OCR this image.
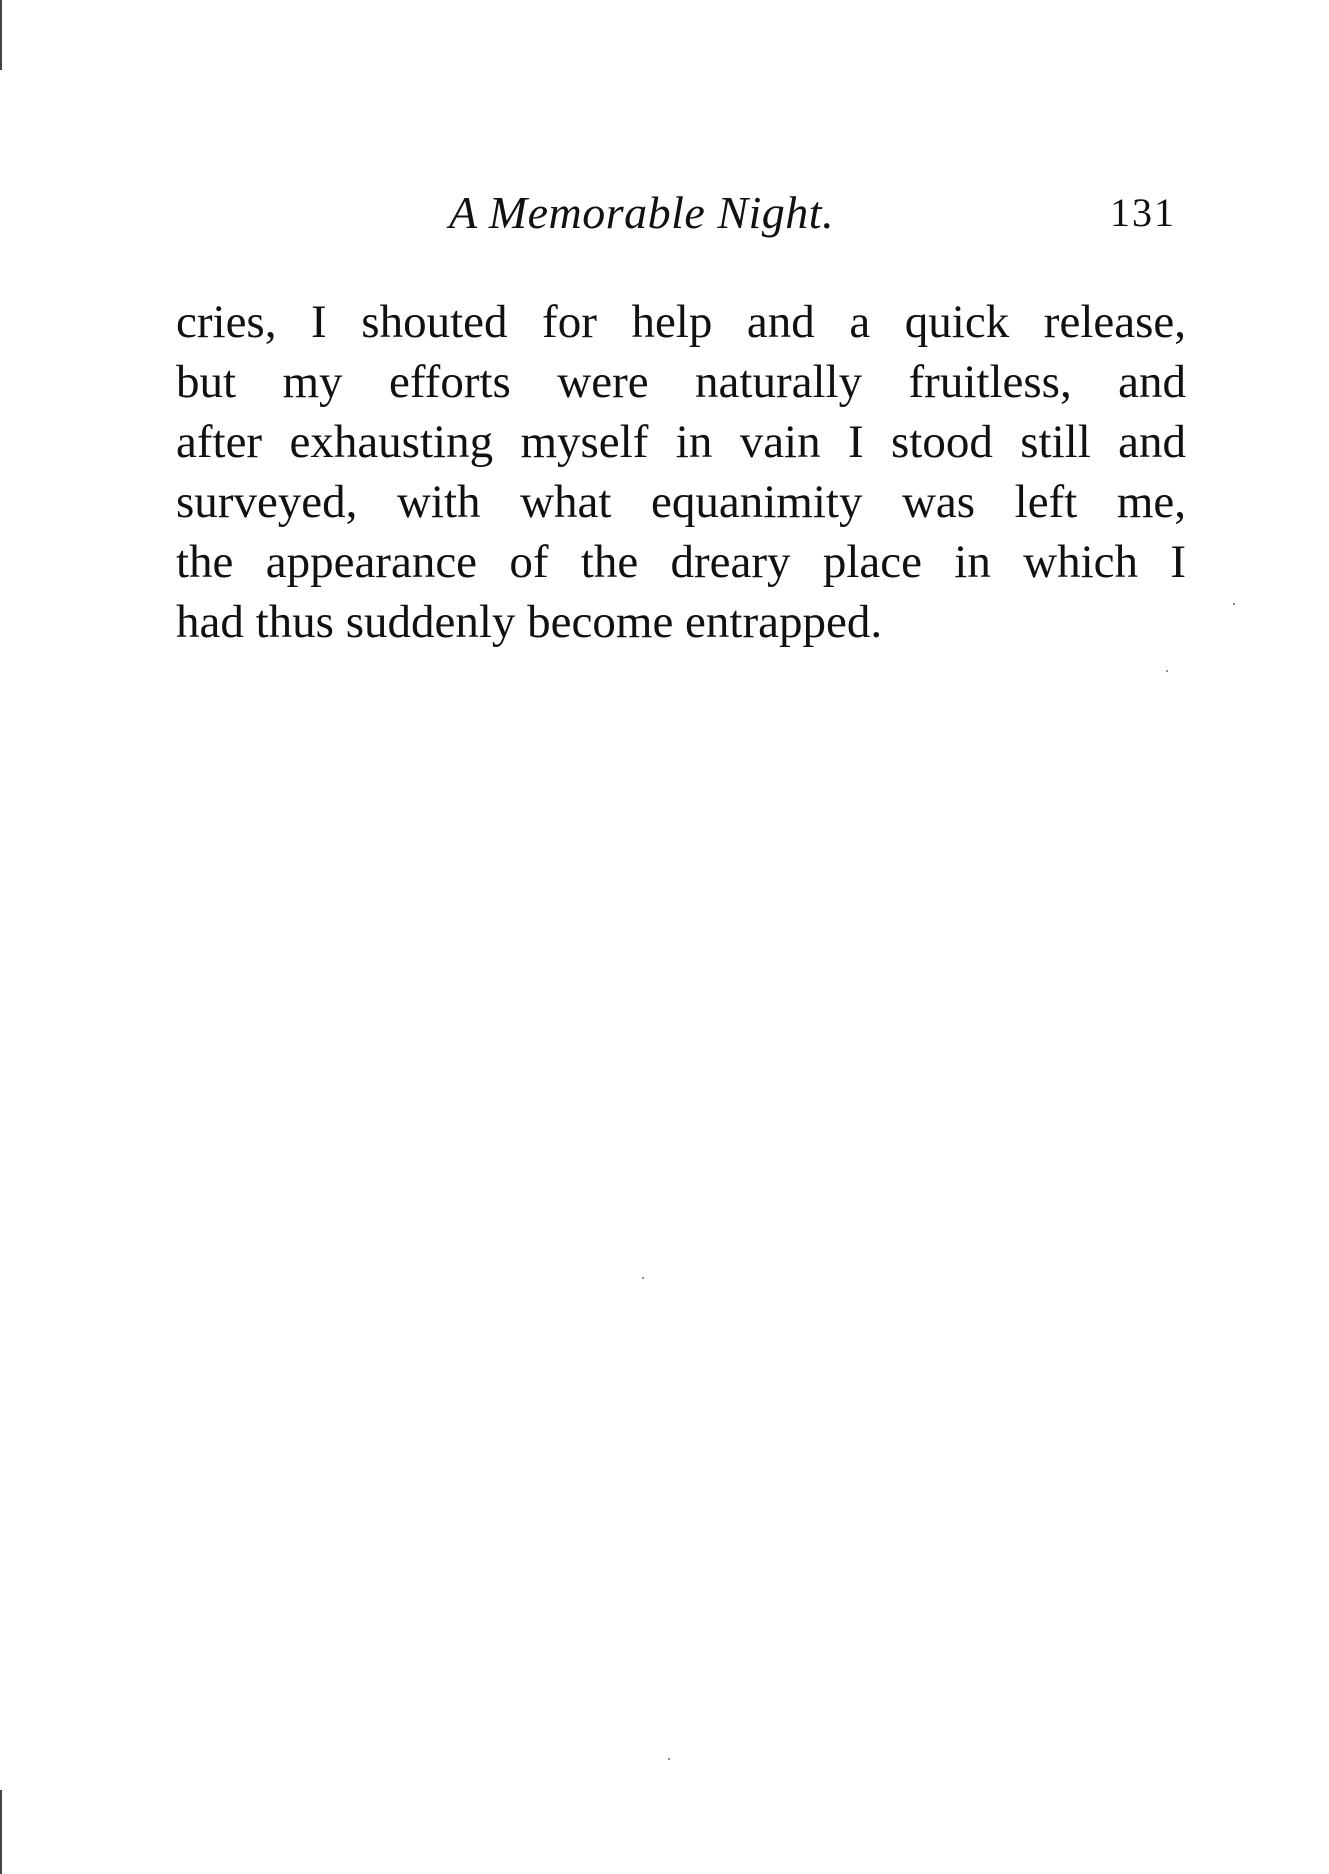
A Memorable Night.	131
cries, I shouted for help and a quick release,
but my efforts were naturally fruitless, and
after exhausting myself in vain I stood still and
surveyed, with what equanimity was left me,
the appearance of the dreary place in which I
had thus suddenly become entrapped.
